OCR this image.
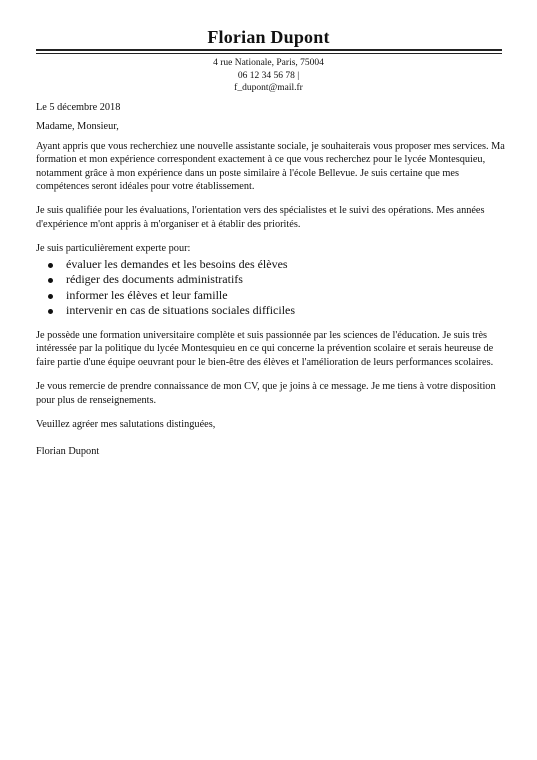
Florian Dupont
4 rue Nationale, Paris, 75004
06 12 34 56 78 |
f_dupont@mail.fr

Le 5 décembre 2018

Madame, Monsieur,

Ayant appris que vous recherchiez une nouvelle assistante sociale, je souhaiterais vous proposer mes services. Ma formation et mon expérience correspondent exactement à ce que vous recherchez pour le lycée Montesquieu, notamment grâce à mon expérience dans un poste similaire à l'école Bellevue. Je suis certaine que mes compétences seront idéales pour votre établissement.

Je suis qualifiée pour les évaluations, l'orientation vers des spécialistes et le suivi des opérations. Mes années d'expérience m'ont appris à m'organiser et à établir des priorités.

Je suis particulièrement experte pour:

évaluer les demandes et les besoins des élèves
rédiger des documents administratifs
informer les élèves et leur famille
intervenir en cas de situations sociales difficiles

Je possède une formation universitaire complète et suis passionnée par les sciences de l'éducation. Je suis très intéressée par la politique du lycée Montesquieu en ce qui concerne la prévention scolaire et serais heureuse de faire partie d'une équipe oeuvrant pour le bien-être des élèves et l'amélioration de leurs performances scolaires.

Je vous remercie de prendre connaissance de mon CV, que je joins à ce message. Je me tiens à votre disposition pour plus de renseignements.

Veuillez agréer mes salutations distinguées,

Florian Dupont
